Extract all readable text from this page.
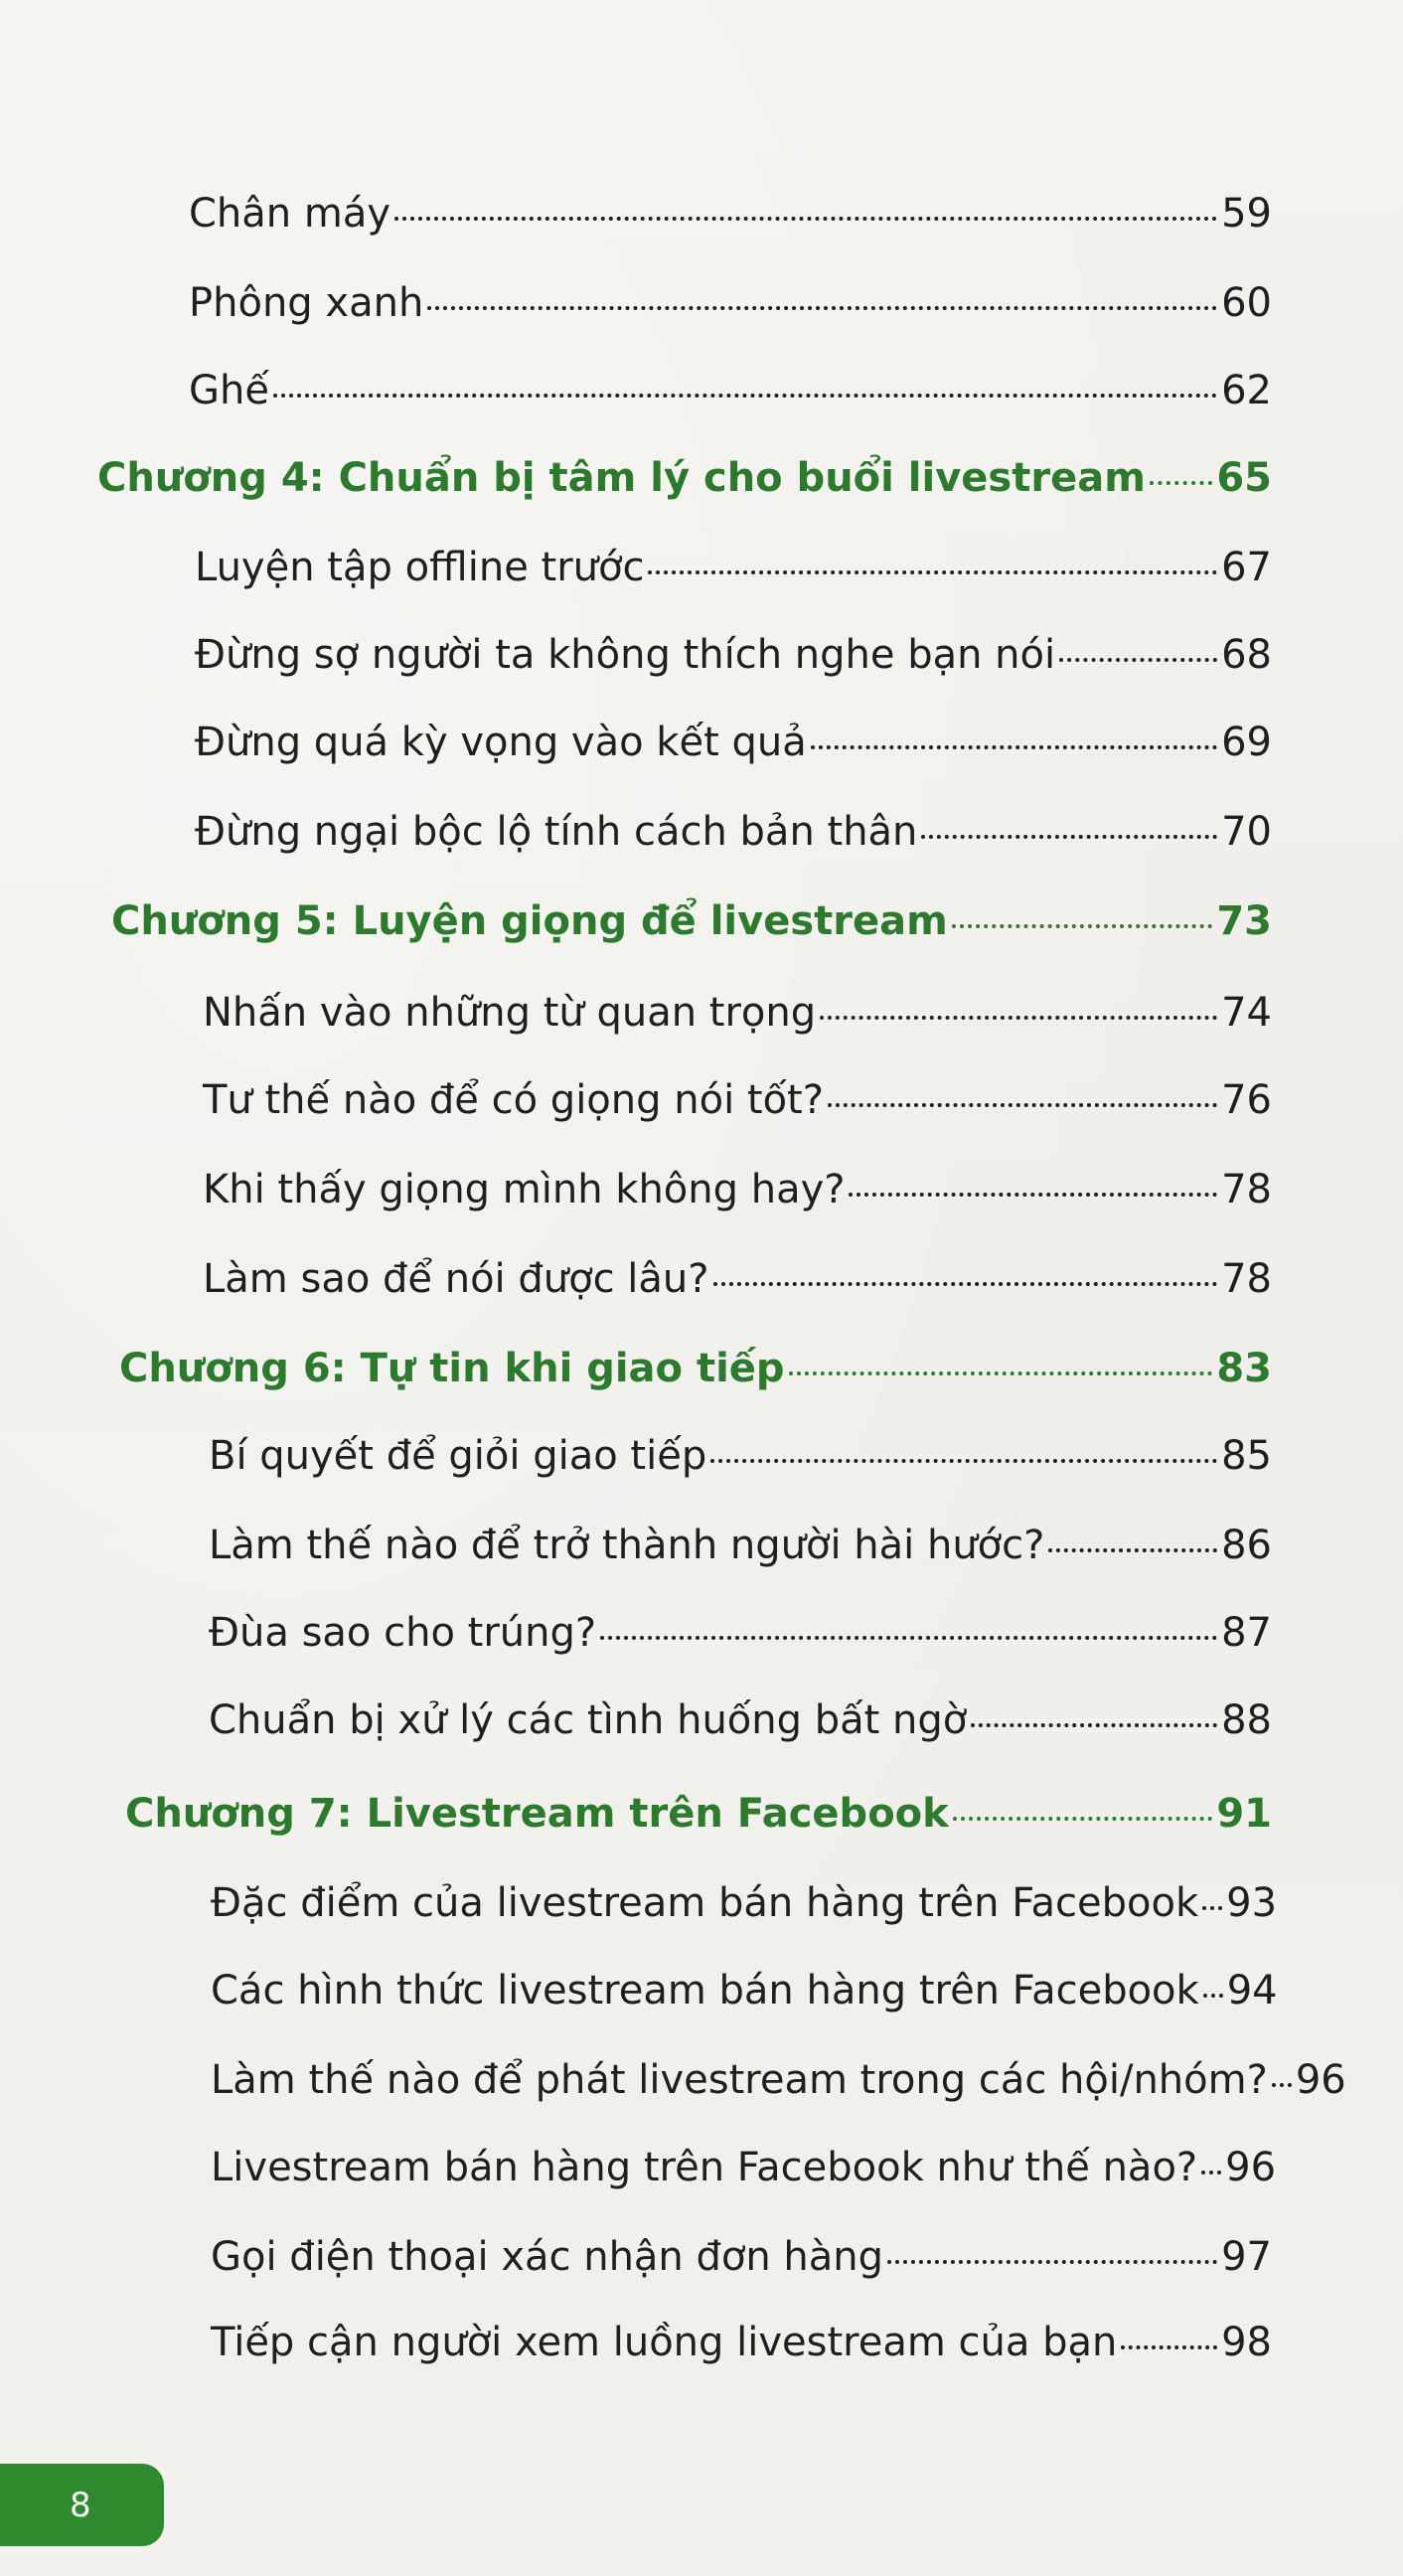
Chân máy	59
Phông xanh	60
Ghế	62
Chương 4: Chuẩn bị tâm lý cho buổi livestream 65
Luyện tập offline trước	67
Đừng sợ người ta không thích nghe bạn nói	68
Đừng quá kỳ vọng vào kết quả	69
Đừng ngại bộc lộ tính cách bản thân	70
Chương 5: Luyện giọng để livestream	73
Nhấn vào những từ quan trọng	74
Tư thế nào để có giọng nói tốt?	76
Khi thấy giọng mình không hay?	78
Làm sao để nói được lâu?	78
Chương 6: Tự tin khi giao tiếp	83
Bí quyết để giỏi giao tiếp	85
Làm thế nào để trở thành người hài hước?	86
Đùa sao cho trúng?	87
Chuẩn bị xử lý các tình huống bất ngờ	88
Chương 7: Livestream trên Facebook	91
Đặc điểm của livestream bán hàng trên Facebook 93
Các hình thức livestream bán hàng trên Facebook 94
Làm thế nào để phát livestream trong các hội/nhóm? 96
Livestream bán hàng trên Facebook như thế nào? 96
Gọi điện thoại xác nhận đơn hàng	97
Tiếp cận người xem luồng livestream của bạn	98
8
